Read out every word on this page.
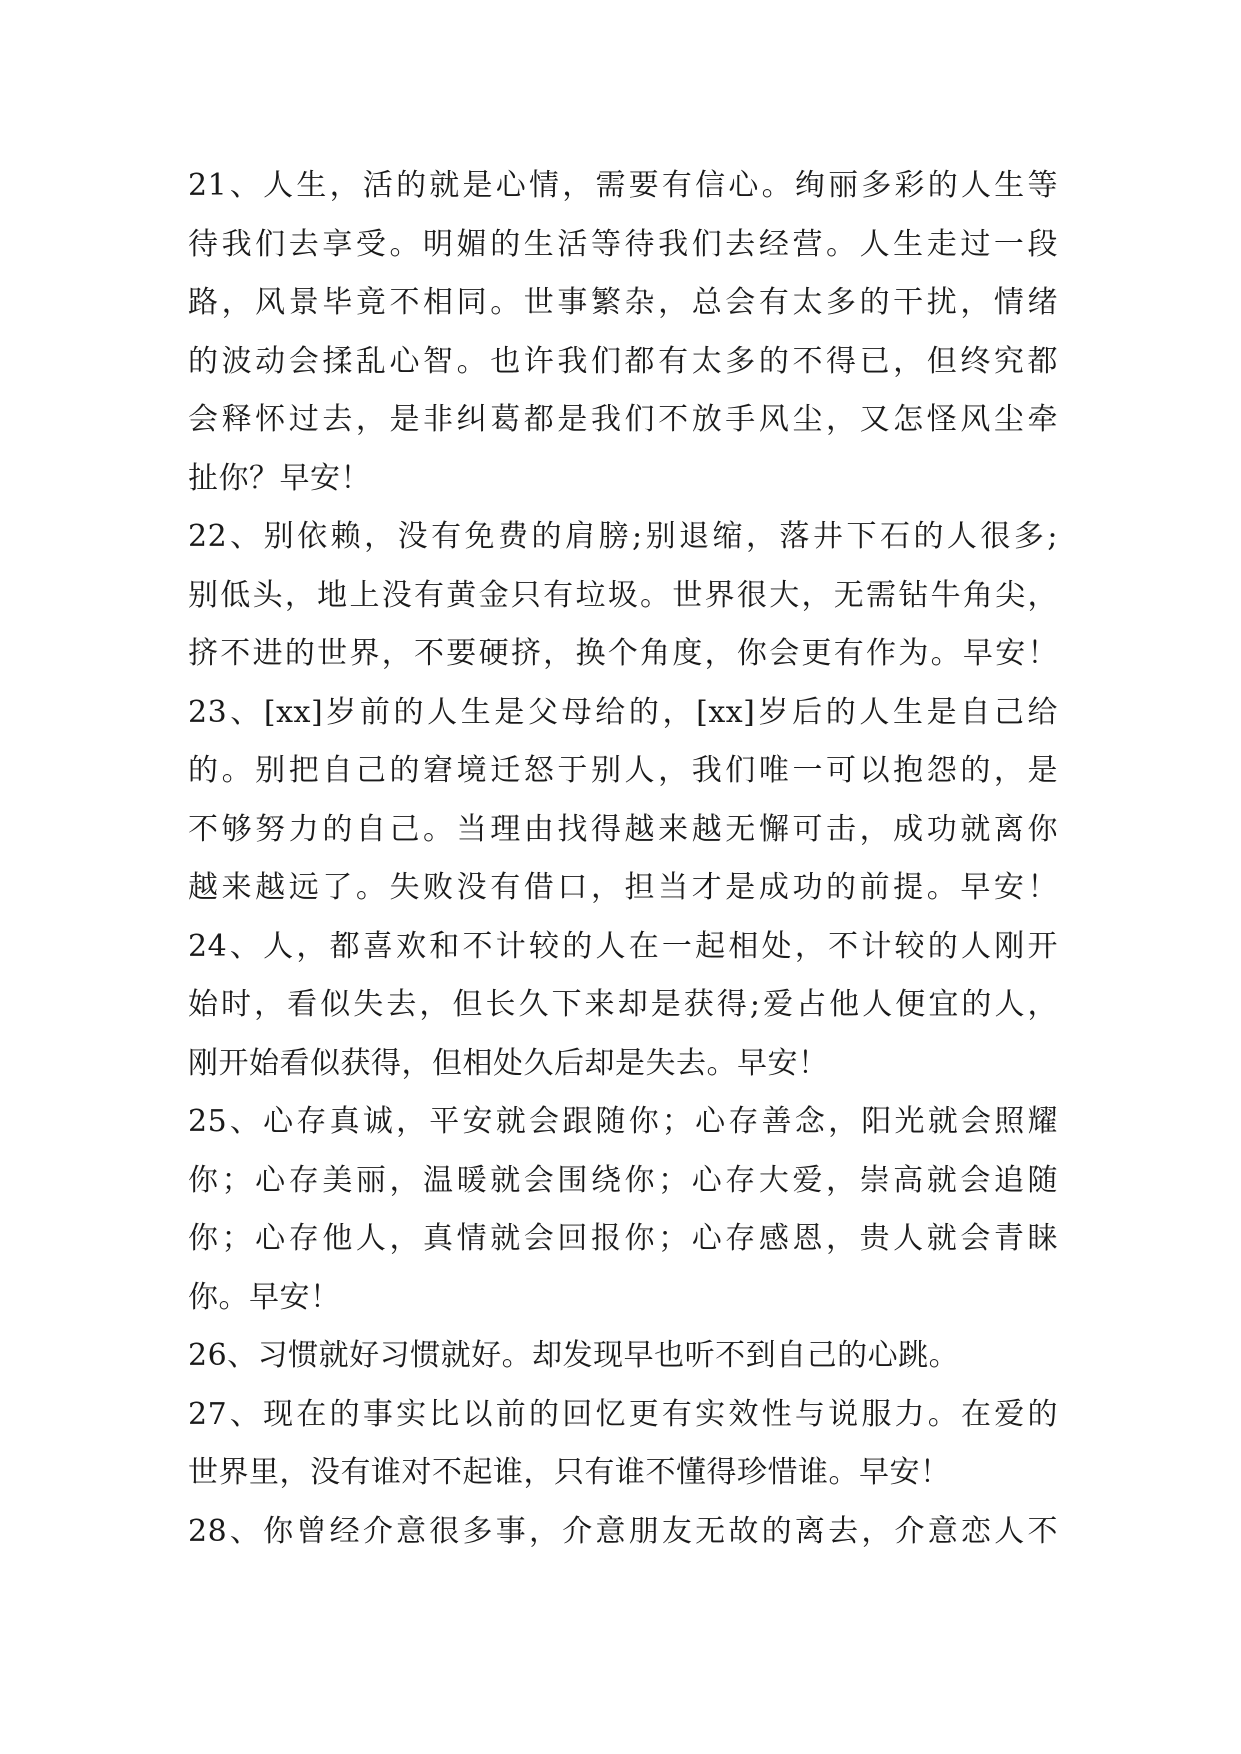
21、人生，活的就是心情，需要有信心。绚丽多彩的人生等
待我们去享受。明媚的生活等待我们去经营。人生走过一段
路，风景毕竟不相同。世事繁杂，总会有太多的干扰，情绪
的波动会揉乱心智。也许我们都有太多的不得已，但终究都
会释怀过去，是非纠葛都是我们不放手风尘，又怎怪风尘牵
扯你？早安！
22、别依赖，没有免费的肩膀;别退缩，落井下石的人很多;
别低头，地上没有黄金只有垃圾。世界很大，无需钻牛角尖，
挤不进的世界，不要硬挤，换个角度，你会更有作为。早安！
23、[xx]岁前的人生是父母给的，[xx]岁后的人生是自己给
的。别把自己的窘境迁怒于别人，我们唯一可以抱怨的，是
不够努力的自己。当理由找得越来越无懈可击，成功就离你
越来越远了。失败没有借口，担当才是成功的前提。早安！
24、人，都喜欢和不计较的人在一起相处，不计较的人刚开
始时，看似失去，但长久下来却是获得;爱占他人便宜的人，
刚开始看似获得，但相处久后却是失去。早安！
25、心存真诚，平安就会跟随你；心存善念，阳光就会照耀
你；心存美丽，温暖就会围绕你；心存大爱，崇高就会追随
你；心存他人，真情就会回报你；心存感恩，贵人就会青睐
你。早安！
26、习惯就好习惯就好。却发现早也听不到自己的心跳。
27、现在的事实比以前的回忆更有实效性与说服力。在爱的
世界里，没有谁对不起谁，只有谁不懂得珍惜谁。早安！
28、你曾经介意很多事，介意朋友无故的离去，介意恋人不
